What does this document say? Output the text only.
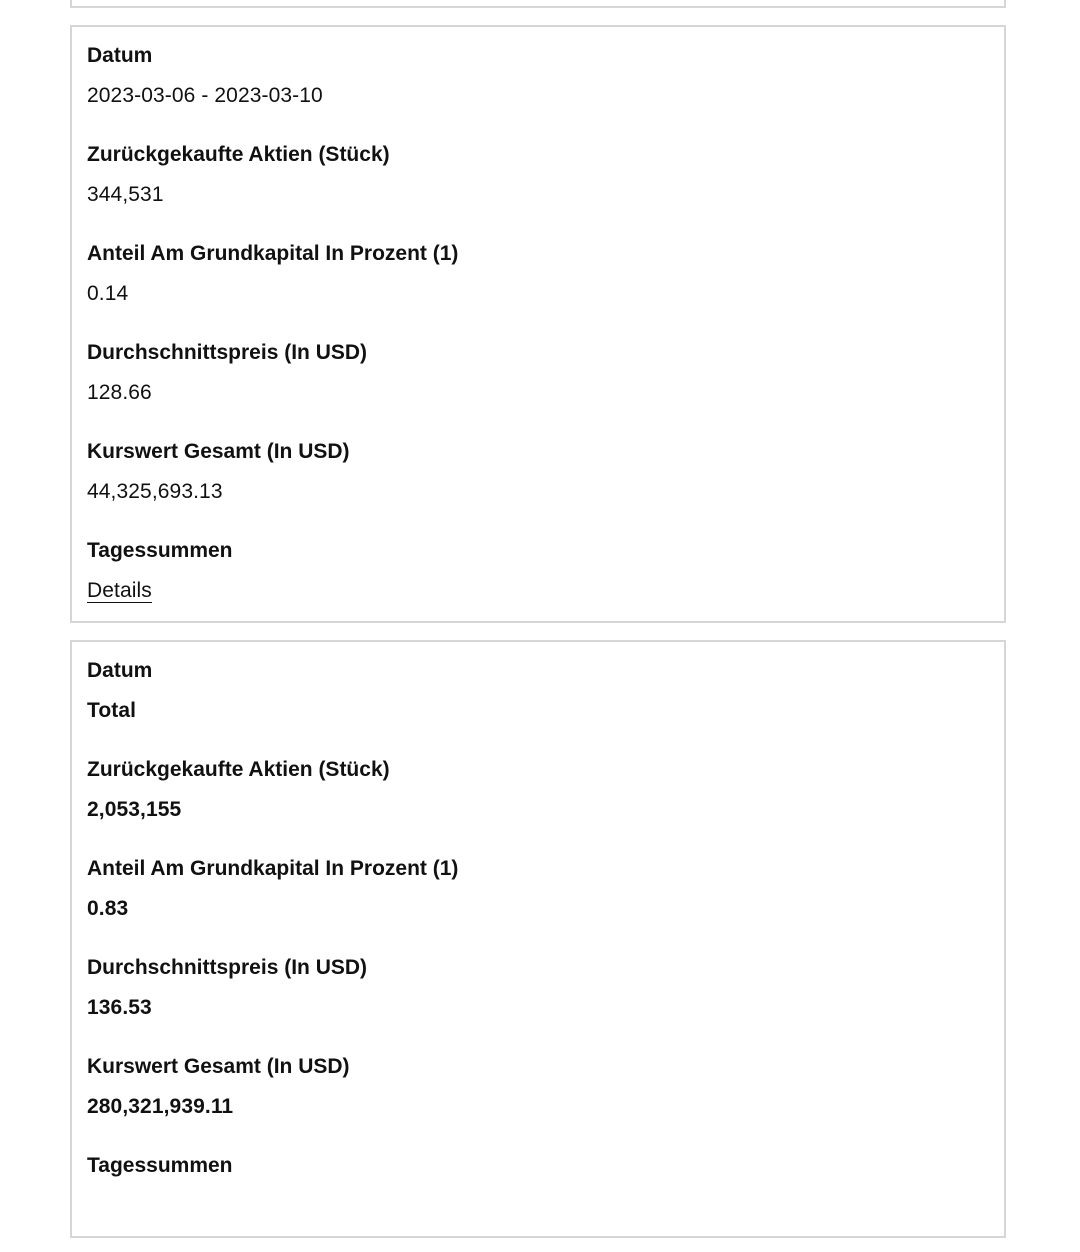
Datum
2023-03-06 - 2023-03-10
Zurückgekaufte Aktien (Stück)
344,531
Anteil Am Grundkapital In Prozent (1)
0.14
Durchschnittspreis (In USD)
128.66
Kurswert Gesamt (In USD)
44,325,693.13
Tagessummen
Details
Datum
Total
Zurückgekaufte Aktien (Stück)
2,053,155
Anteil Am Grundkapital In Prozent (1)
0.83
Durchschnittspreis (In USD)
136.53
Kurswert Gesamt (In USD)
280,321,939.11
Tagessummen
